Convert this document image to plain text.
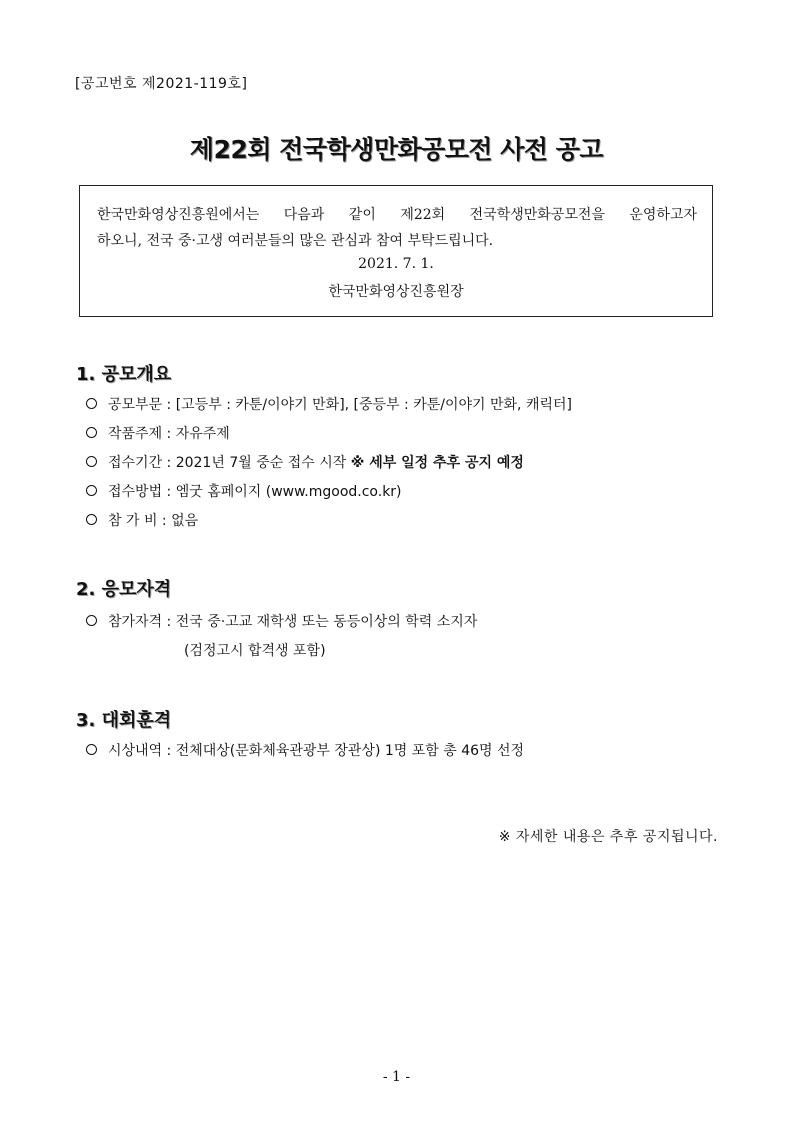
[공고번호 제2021-119호]
제22회 전국학생만화공모전 사전 공고
한국만화영상진흥원에서는 다음과 같이 제22회 전국학생만화공모전을 운영하고자
하오니, 전국 중·고생 여러분들의 많은 관심과 참여 부탁드립니다.
2021. 7. 1.
한국만화영상진흥원장
1. 공모개요
공모부문 : [고등부 : 카툰/이야기 만화], [중등부 : 카툰/이야기 만화, 캐릭터]
작품주제 : 자유주제
접수기간 : 2021년 7월 중순 접수 시작 ※ 세부 일정 추후 공지 예정
접수방법 : 엠굿 홈페이지 (www.mgood.co.kr)
참 가 비 : 없음
2. 응모자격
참가자격 : 전국 중·고교 재학생 또는 동등이상의 학력 소지자
(검정고시 합격생 포함)
3. 대회훈격
시상내역 : 전체대상(문화체육관광부 장관상) 1명 포함 총 46명 선정
※ 자세한 내용은 추후 공지됩니다.
- 1 -
